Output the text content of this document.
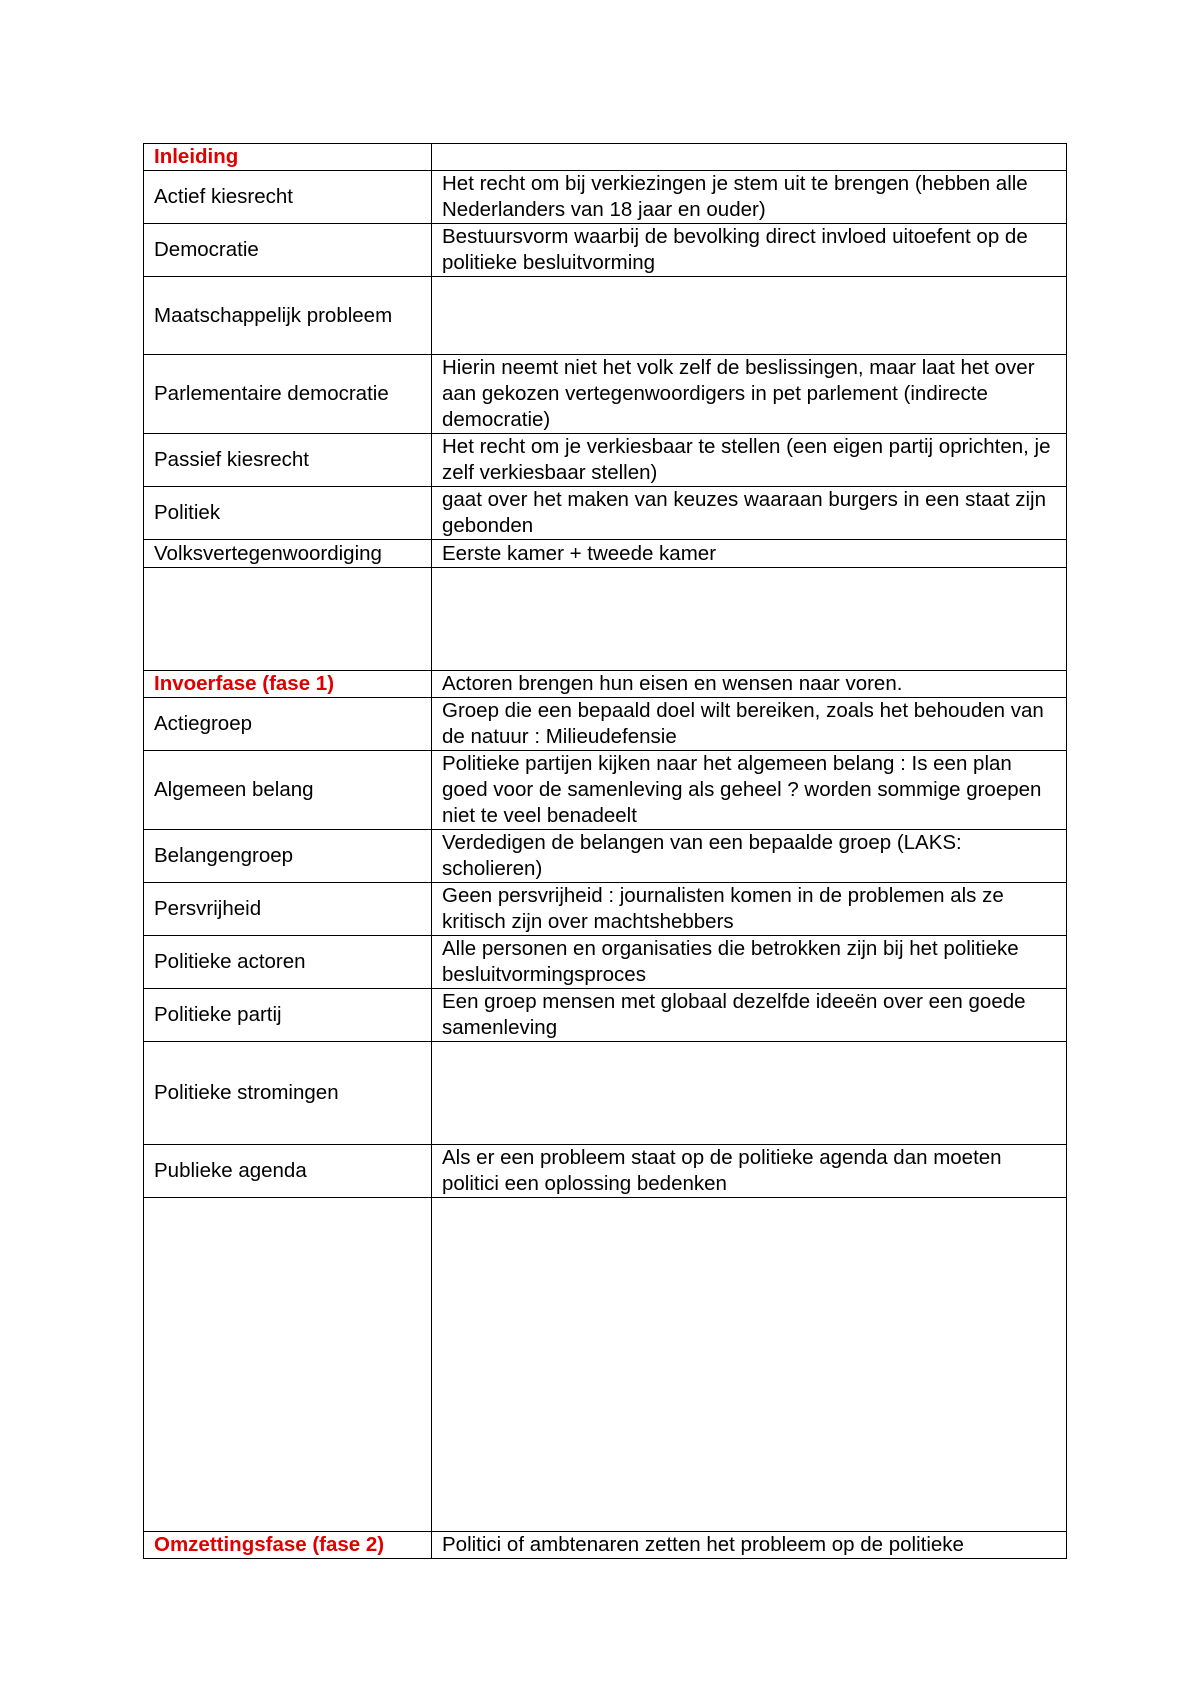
Inleiding	
Actief kiesrecht	Het recht om bij verkiezingen je stem uit te brengen (hebben alle Nederlanders van 18 jaar en ouder)
Democratie	Bestuursvorm waarbij de bevolking direct invloed uitoefent op de politieke besluitvorming
Maatschappelijk probleem	
Parlementaire democratie	Hierin neemt niet het volk zelf de beslissingen, maar laat het over aan gekozen vertegenwoordigers in pet parlement (indirecte democratie)
Passief kiesrecht	Het recht om je verkiesbaar te stellen (een eigen partij oprichten, je zelf verkiesbaar stellen)
Politiek	gaat over het maken van keuzes waaraan burgers in een staat zijn gebonden
Volksvertegenwoordiging	Eerste kamer + tweede kamer

Invoerfase (fase 1)	Actoren brengen hun eisen en wensen naar voren.
Actiegroep	Groep die een bepaald doel wilt bereiken, zoals het behouden van de natuur : Milieudefensie
Algemeen belang	Politieke partijen kijken naar het algemeen belang : Is een plan goed voor de samenleving als geheel ? worden sommige groepen niet te veel benadeelt
Belangengroep	Verdedigen de belangen van een bepaalde groep (LAKS: scholieren)
Persvrijheid	Geen persvrijheid : journalisten komen in de problemen als ze kritisch zijn over machtshebbers
Politieke actoren	Alle personen en organisaties die betrokken zijn bij het politieke besluitvormingsproces
Politieke partij	Een groep mensen met globaal dezelfde ideeën over een goede samenleving
Politieke stromingen	
Publieke agenda	Als er een probleem staat op de politieke agenda dan moeten politici een oplossing bedenken

Omzettingsfase (fase 2)	Politici of ambtenaren zetten het probleem op de politieke
